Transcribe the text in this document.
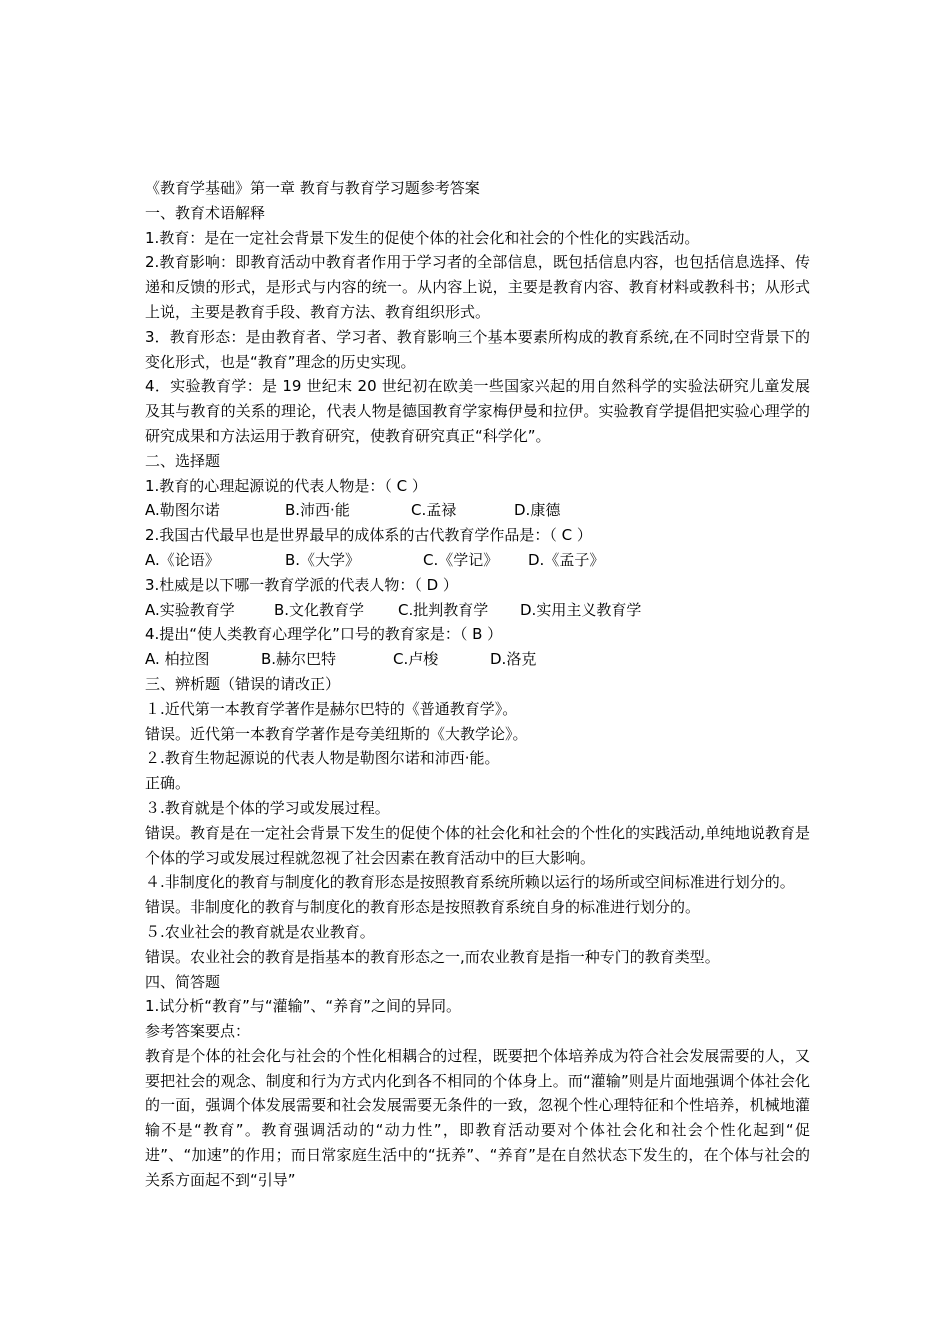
《教育学基础》第一章 教育与教育学习题参考答案
一、教育术语解释
1.教育：是在一定社会背景下发生的促使个体的社会化和社会的个性化的实践活动。
2.教育影响：即教育活动中教育者作用于学习者的全部信息，既包括信息内容，也包括信息选择、传递和反馈的形式，是形式与内容的统一。从内容上说，主要是教育内容、教育材料或教科书；从形式上说，主要是教育手段、教育方法、教育组织形式。
3．教育形态：是由教育者、学习者、教育影响三个基本要素所构成的教育系统,在不同时空背景下的变化形式，也是“教育”理念的历史实现。
4．实验教育学：是 19 世纪末 20 世纪初在欧美一些国家兴起的用自然科学的实验法研究儿童发展及其与教育的关系的理论，代表人物是德国教育学家梅伊曼和拉伊。实验教育学提倡把实验心理学的研究成果和方法运用于教育研究，使教育研究真正“科学化”。
二、选择题
1.教育的心理起源说的代表人物是：（ C ）
A.勒图尔诺	B.沛西·能	C.孟禄	D.康德
2.我国古代最早也是世界最早的成体系的古代教育学作品是：（ C ）
A.《论语》	B.《大学》	C.《学记》	D.《孟子》
3.杜威是以下哪一教育学派的代表人物：（ D ）
A.实验教育学	B.文化教育学	C.批判教育学	D.实用主义教育学
4.提出“使人类教育心理学化”口号的教育家是：（ B ）
A. 柏拉图	B.赫尔巴特	C.卢梭	D.洛克
三、辨析题（错误的请改正）
１.近代第一本教育学著作是赫尔巴特的《普通教育学》。
错误。近代第一本教育学著作是夸美纽斯的《大教学论》。
２.教育生物起源说的代表人物是勒图尔诺和沛西·能。
正确。
３.教育就是个体的学习或发展过程。
错误。教育是在一定社会背景下发生的促使个体的社会化和社会的个性化的实践活动,单纯地说教育是个体的学习或发展过程就忽视了社会因素在教育活动中的巨大影响。
４.非制度化的教育与制度化的教育形态是按照教育系统所赖以运行的场所或空间标准进行划分的。
错误。非制度化的教育与制度化的教育形态是按照教育系统自身的标准进行划分的。
５.农业社会的教育就是农业教育。
错误。农业社会的教育是指基本的教育形态之一,而农业教育是指一种专门的教育类型。
四、简答题
1.试分析“教育”与“灌输”、“养育”之间的异同。
参考答案要点：
教育是个体的社会化与社会的个性化相耦合的过程，既要把个体培养成为符合社会发展需要的人，又要把社会的观念、制度和行为方式内化到各不相同的个体身上。而“灌输”则是片面地强调个体社会化的一面，强调个体发展需要和社会发展需要无条件的一致，忽视个性心理特征和个性培养，机械地灌输不是“教育”。教育强调活动的“动力性”，即教育活动要对个体社会化和社会个性化起到“促进”、“加速”的作用；而日常家庭生活中的“抚养”、“养育”是在自然状态下发生的，在个体与社会的关系方面起不到“引导”
